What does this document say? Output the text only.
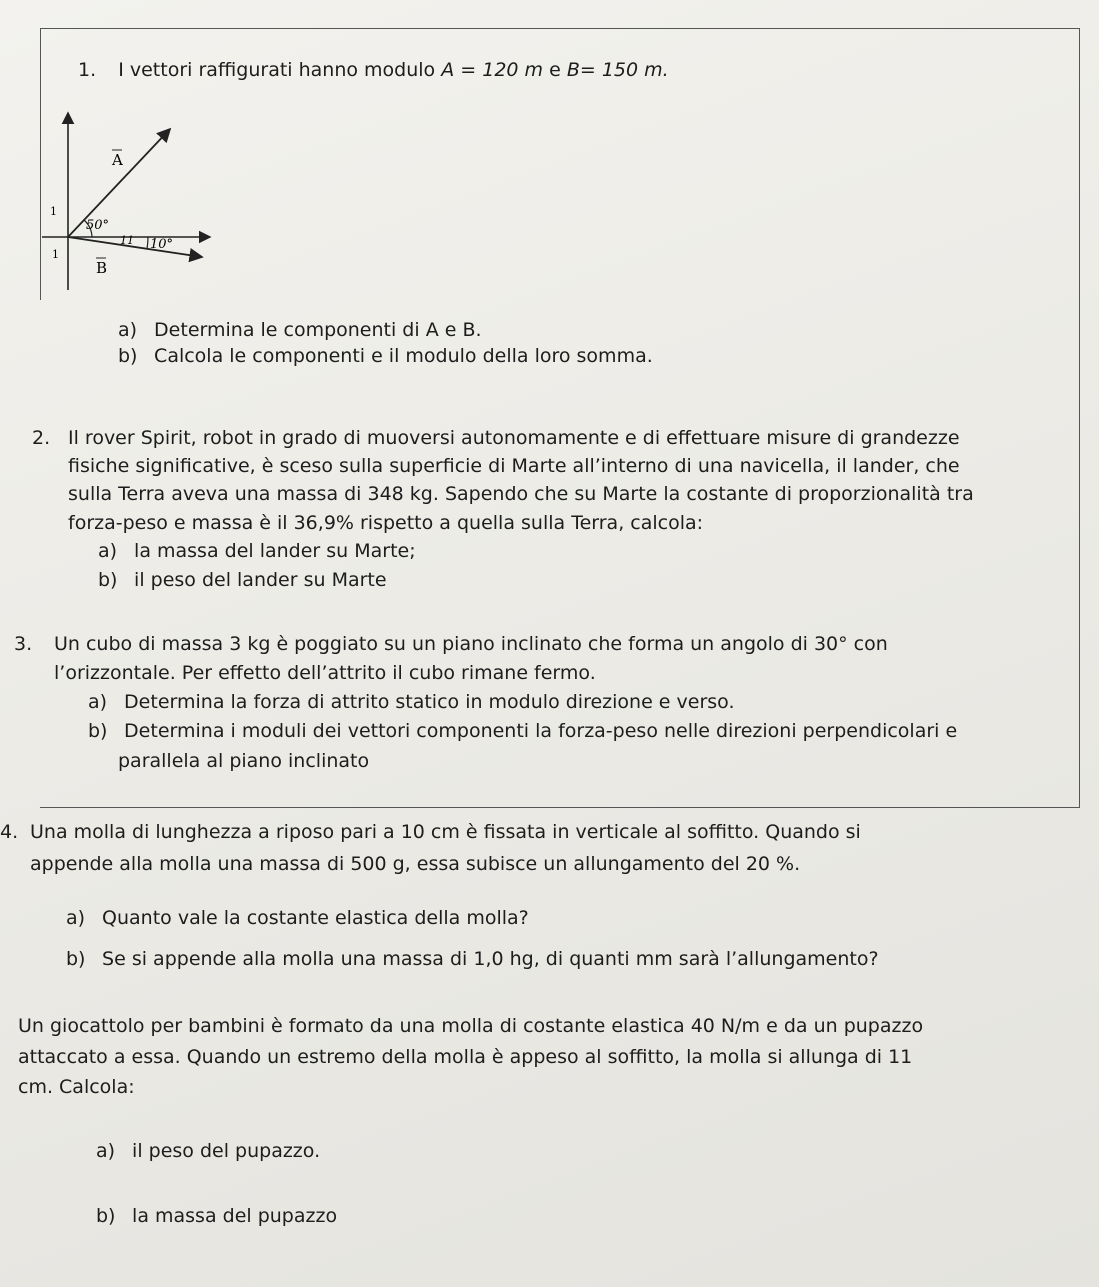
1. I vettori raffigurati hanno modulo A = 120 m e B= 150 m.
A
B
50°
10°
11
1
1
a) Determina le componenti di A e B.
b) Calcola le componenti e il modulo della loro somma.
2. Il rover Spirit, robot in grado di muoversi autonomamente e di effettuare misure di grandezze
fisiche significative, è sceso sulla superficie di Marte all’interno di una navicella, il lander, che
sulla Terra aveva una massa di 348 kg. Sapendo che su Marte la costante di proporzionalità tra
forza-peso e massa è il 36,9% rispetto a quella sulla Terra, calcola:
a) la massa del lander su Marte;
b) il peso del lander su Marte
3. Un cubo di massa 3 kg è poggiato su un piano inclinato che forma un angolo di 30° con
l’orizzontale. Per effetto dell’attrito il cubo rimane fermo.
a) Determina la forza di attrito statico in modulo direzione e verso.
b) Determina i moduli dei vettori componenti la forza-peso nelle direzioni perpendicolari e
parallela al piano inclinato
4. Una molla di lunghezza a riposo pari a 10 cm è fissata in verticale al soffitto. Quando si
appende alla molla una massa di 500 g, essa subisce un allungamento del 20 %.
a) Quanto vale la costante elastica della molla?
b) Se si appende alla molla una massa di 1,0 hg, di quanti mm sarà l’allungamento?
Un giocattolo per bambini è formato da una molla di costante elastica 40 N/m e da un pupazzo
attaccato a essa. Quando un estremo della molla è appeso al soffitto, la molla si allunga di 11
cm. Calcola:
a) il peso del pupazzo.
b) la massa del pupazzo
